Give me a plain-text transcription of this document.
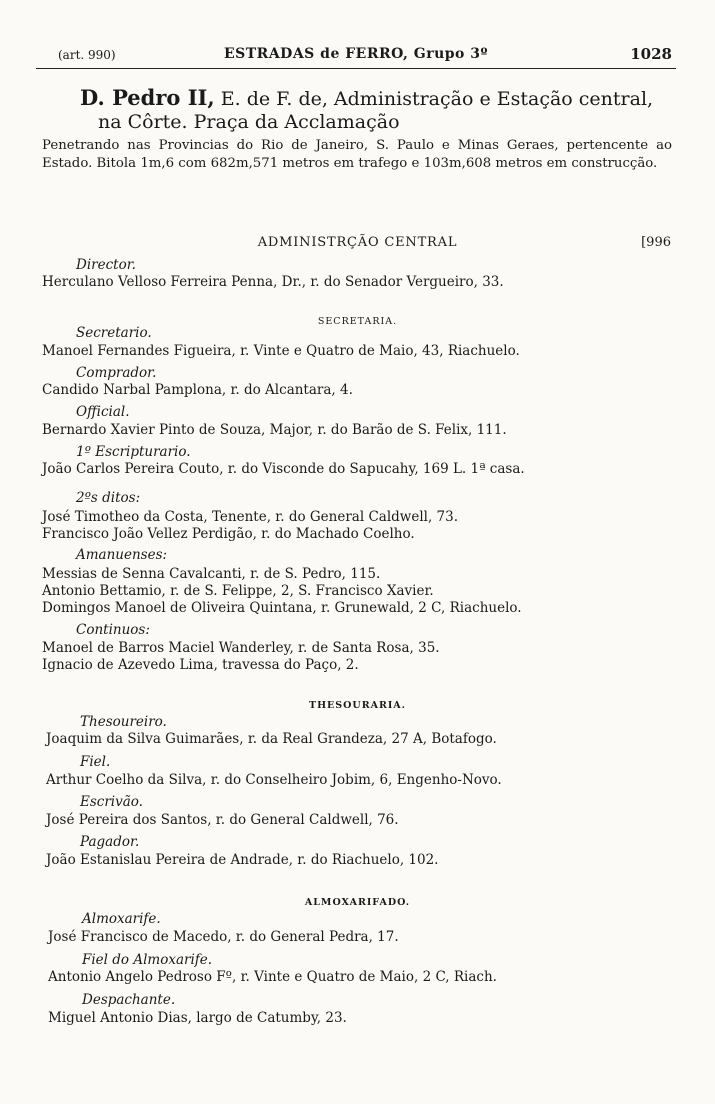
(art. 990)	ESTRADAS de FERRO, Grupo 3º	1028
D. Pedro II, E. de F. de, Administração e Estação central,
na Côrte. Praça da Acclamação
Penetrando nas Provincias do Rio de Janeiro, S. Paulo e Minas Geraes, pertencente ao Estado. Bitola 1m,6 com 682m,571 metros em trafego e 103m,608 metros em construcção.
ADMINISTRÇÃO CENTRAL	[996
Director.
Herculano Velloso Ferreira Penna, Dr., r. do Senador Vergueiro, 33.
SECRETARIA.
Secretario.
Manoel Fernandes Figueira, r. Vinte e Quatro de Maio, 43, Riachuelo.
Comprador.
Candido Narbal Pamplona, r. do Alcantara, 4.
Official.
Bernardo Xavier Pinto de Souza, Major, r. do Barão de S. Felix, 111.
1º Escripturario.
João Carlos Pereira Couto, r. do Visconde do Sapucahy, 169 L. 1ª casa.
2ºs ditos:
José Timotheo da Costa, Tenente, r. do General Caldwell, 73.
Francisco João Vellez Perdigão, r. do Machado Coelho.
Amanuenses:
Messias de Senna Cavalcanti, r. de S. Pedro, 115.
Antonio Bettamio, r. de S. Felippe, 2, S. Francisco Xavier.
Domingos Manoel de Oliveira Quintana, r. Grunewald, 2 C, Riachuelo.
Continuos:
Manoel de Barros Maciel Wanderley, r. de Santa Rosa, 35.
Ignacio de Azevedo Lima, travessa do Paço, 2.
THESOURARIA.
Thesoureiro.
Joaquim da Silva Guimarães, r. da Real Grandeza, 27 A, Botafogo.
Fiel.
Arthur Coelho da Silva, r. do Conselheiro Jobim, 6, Engenho-Novo.
Escrivão.
José Pereira dos Santos, r. do General Caldwell, 76.
Pagador.
João Estanislau Pereira de Andrade, r. do Riachuelo, 102.
ALMOXARIFADO.
Almoxarife.
José Francisco de Macedo, r. do General Pedra, 17.
Fiel do Almoxarife.
Antonio Angelo Pedroso Fº, r. Vinte e Quatro de Maio, 2 C, Riach.
Despachante.
Miguel Antonio Dias, largo de Catumby, 23.
